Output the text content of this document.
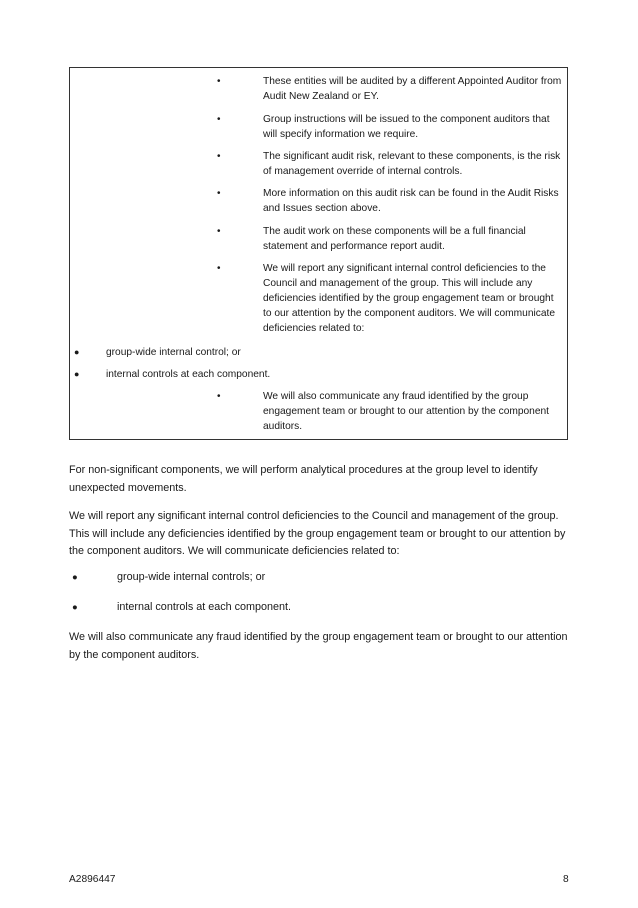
•	These entities will be audited by a different Appointed Auditor from Audit New Zealand or EY.
•	Group instructions will be issued to the component auditors that will specify information we require.
•	The significant audit risk, relevant to these components, is the risk of management override of internal controls.
•	More information on this audit risk can be found in the Audit Risks and Issues section above.
•	The audit work on these components will be a full financial statement and performance report audit.
•	We will report any significant internal control deficiencies to the Council and management of the group. This will include any deficiencies identified by the group engagement team or brought to our attention by the component auditors. We will communicate deficiencies related to:
●	group-wide internal control; or
●	internal controls at each component.
•	We will also communicate any fraud identified by the group engagement team or brought to our attention by the component auditors.
For non-significant components, we will perform analytical procedures at the group level to identify unexpected movements.
We will report any significant internal control deficiencies to the Council and management of the group. This will include any deficiencies identified by the group engagement team or brought to our attention by the component auditors. We will communicate deficiencies related to:
●	group-wide internal controls; or
●	internal controls at each component.
We will also communicate any fraud identified by the group engagement team or brought to our attention by the component auditors.
A2896447	8
